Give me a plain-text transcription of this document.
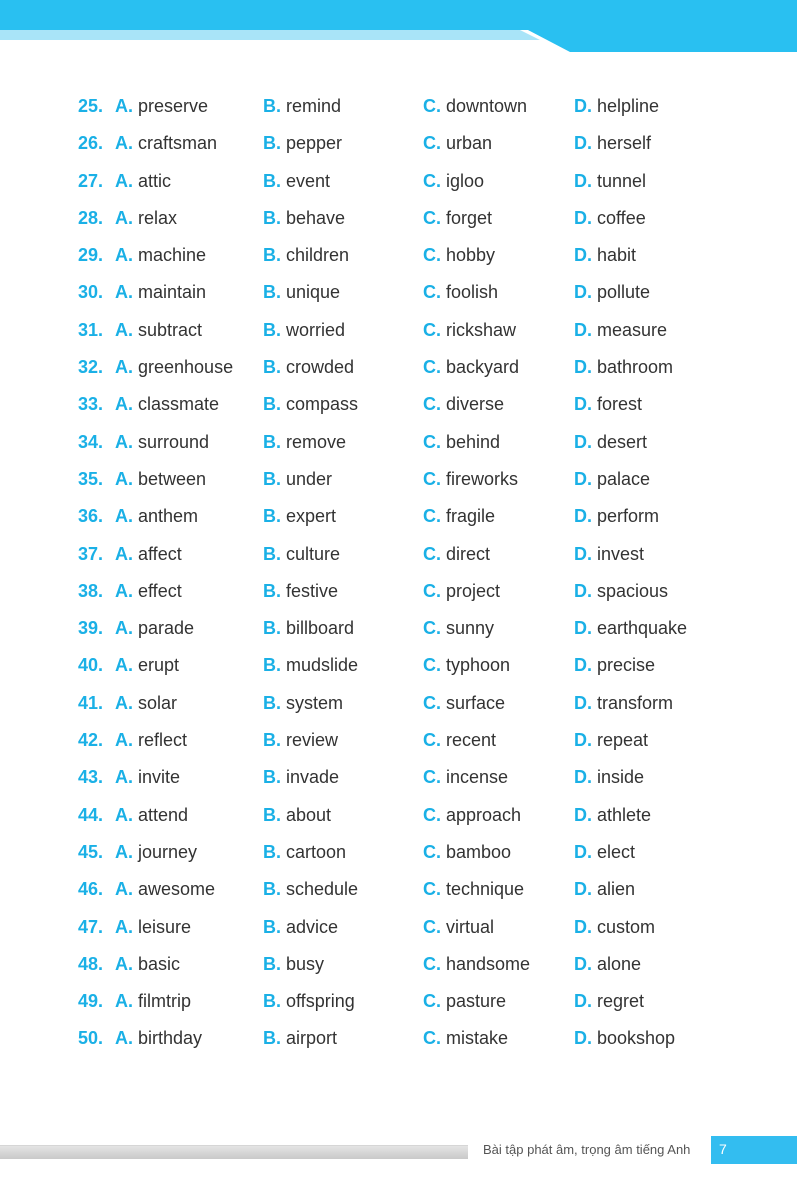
25. A. preserve	B. remind	C. downtown	D. helpline
26. A. craftsman	B. pepper	C. urban	D. herself
27. A. attic	B. event	C. igloo	D. tunnel
28. A. relax	B. behave	C. forget	D. coffee
29. A. machine	B. children	C. hobby	D. habit
30. A. maintain	B. unique	C. foolish	D. pollute
31. A. subtract	B. worried	C. rickshaw	D. measure
32. A. greenhouse B. crowded	C. backyard	D. bathroom
33. A. classmate B. compass	C. diverse	D. forest
34. A. surround	B. remove	C. behind	D. desert
35. A. between	B. under	C. fireworks	D. palace
36. A. anthem	B. expert	C. fragile	D. perform
37. A. affect	B. culture	C. direct	D. invest
38. A. effect	B. festive	C. project	D. spacious
39. A. parade	B. billboard	C. sunny	D. earthquake
40. A. erupt	B. mudslide	C. typhoon	D. precise
41. A. solar	B. system	C. surface	D. transform
42. A. reflect	B. review	C. recent	D. repeat
43. A. invite	B. invade	C. incense	D. inside
44. A. attend	B. about	C. approach	D. athlete
45. A. journey	B. cartoon	C. bamboo	D. elect
46. A. awesome	B. schedule	C. technique	D. alien
47. A. leisure	B. advice	C. virtual	D. custom
48. A. basic	B. busy	C. handsome D. alone
49. A. filmtrip	B. offspring	C. pasture	D. regret
50. A. birthday	B. airport	C. mistake	D. bookshop
Bài tập phát âm, trọng âm tiếng Anh 7
